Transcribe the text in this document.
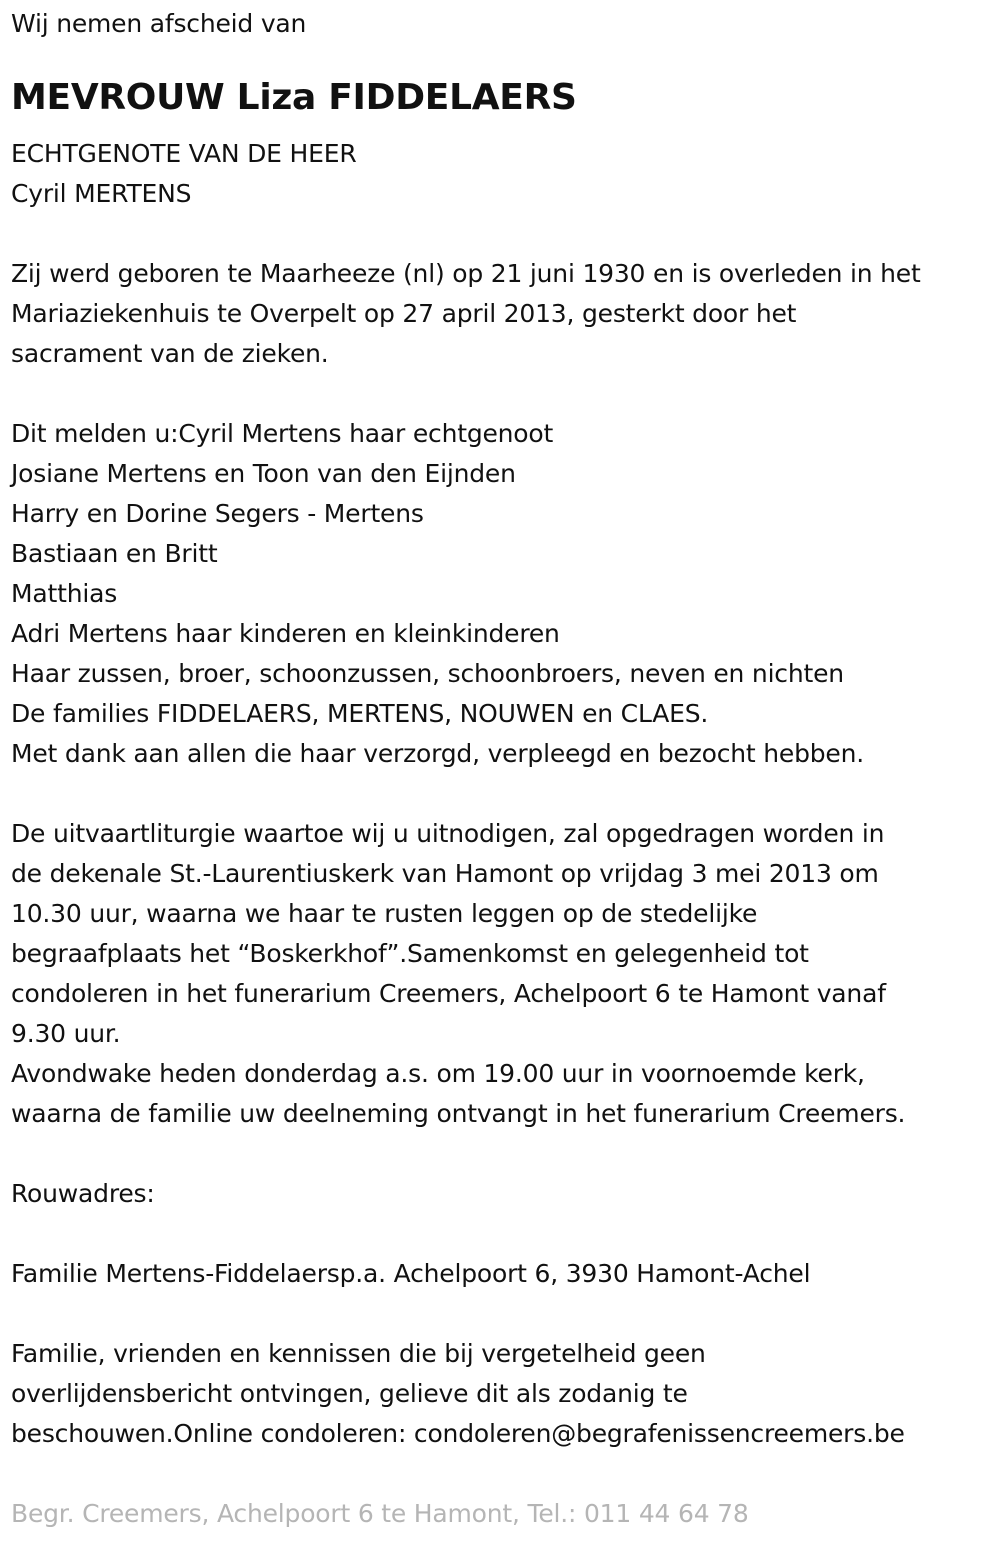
Wij nemen afscheid van
MEVROUW Liza FIDDELAERS
ECHTGENOTE VAN DE HEER
Cyril MERTENS
Zij werd geboren te Maarheeze (nl) op 21 juni 1930 en is overleden in het
Mariaziekenhuis te Overpelt op 27 april 2013, gesterkt door het
sacrament van de zieken.
Dit melden u:Cyril Mertens haar echtgenoot
Josiane Mertens en Toon van den Eijnden
Harry en Dorine Segers - Mertens
Bastiaan en Britt
Matthias
Adri Mertens haar kinderen en kleinkinderen
Haar zussen, broer, schoonzussen, schoonbroers, neven en nichten
De families FIDDELAERS, MERTENS, NOUWEN en CLAES.
Met dank aan allen die haar verzorgd, verpleegd en bezocht hebben.
De uitvaartliturgie waartoe wij u uitnodigen, zal opgedragen worden in
de dekenale St.-Laurentiuskerk van Hamont op vrijdag 3 mei 2013 om
10.30 uur, waarna we haar te rusten leggen op de stedelijke
begraafplaats het “Boskerkhof”.Samenkomst en gelegenheid tot
condoleren in het funerarium Creemers, Achelpoort 6 te Hamont vanaf
9.30 uur.
Avondwake heden donderdag a.s. om 19.00 uur in voornoemde kerk,
waarna de familie uw deelneming ontvangt in het funerarium Creemers.
Rouwadres:
Familie Mertens-Fiddelaersp.a. Achelpoort 6, 3930 Hamont-Achel
Familie, vrienden en kennissen die bij vergetelheid geen
overlijdensbericht ontvingen, gelieve dit als zodanig te
beschouwen.Online condoleren: condoleren@begrafenissencreemers.be
Begr. Creemers, Achelpoort 6 te Hamont, Tel.: 011 44 64 78
